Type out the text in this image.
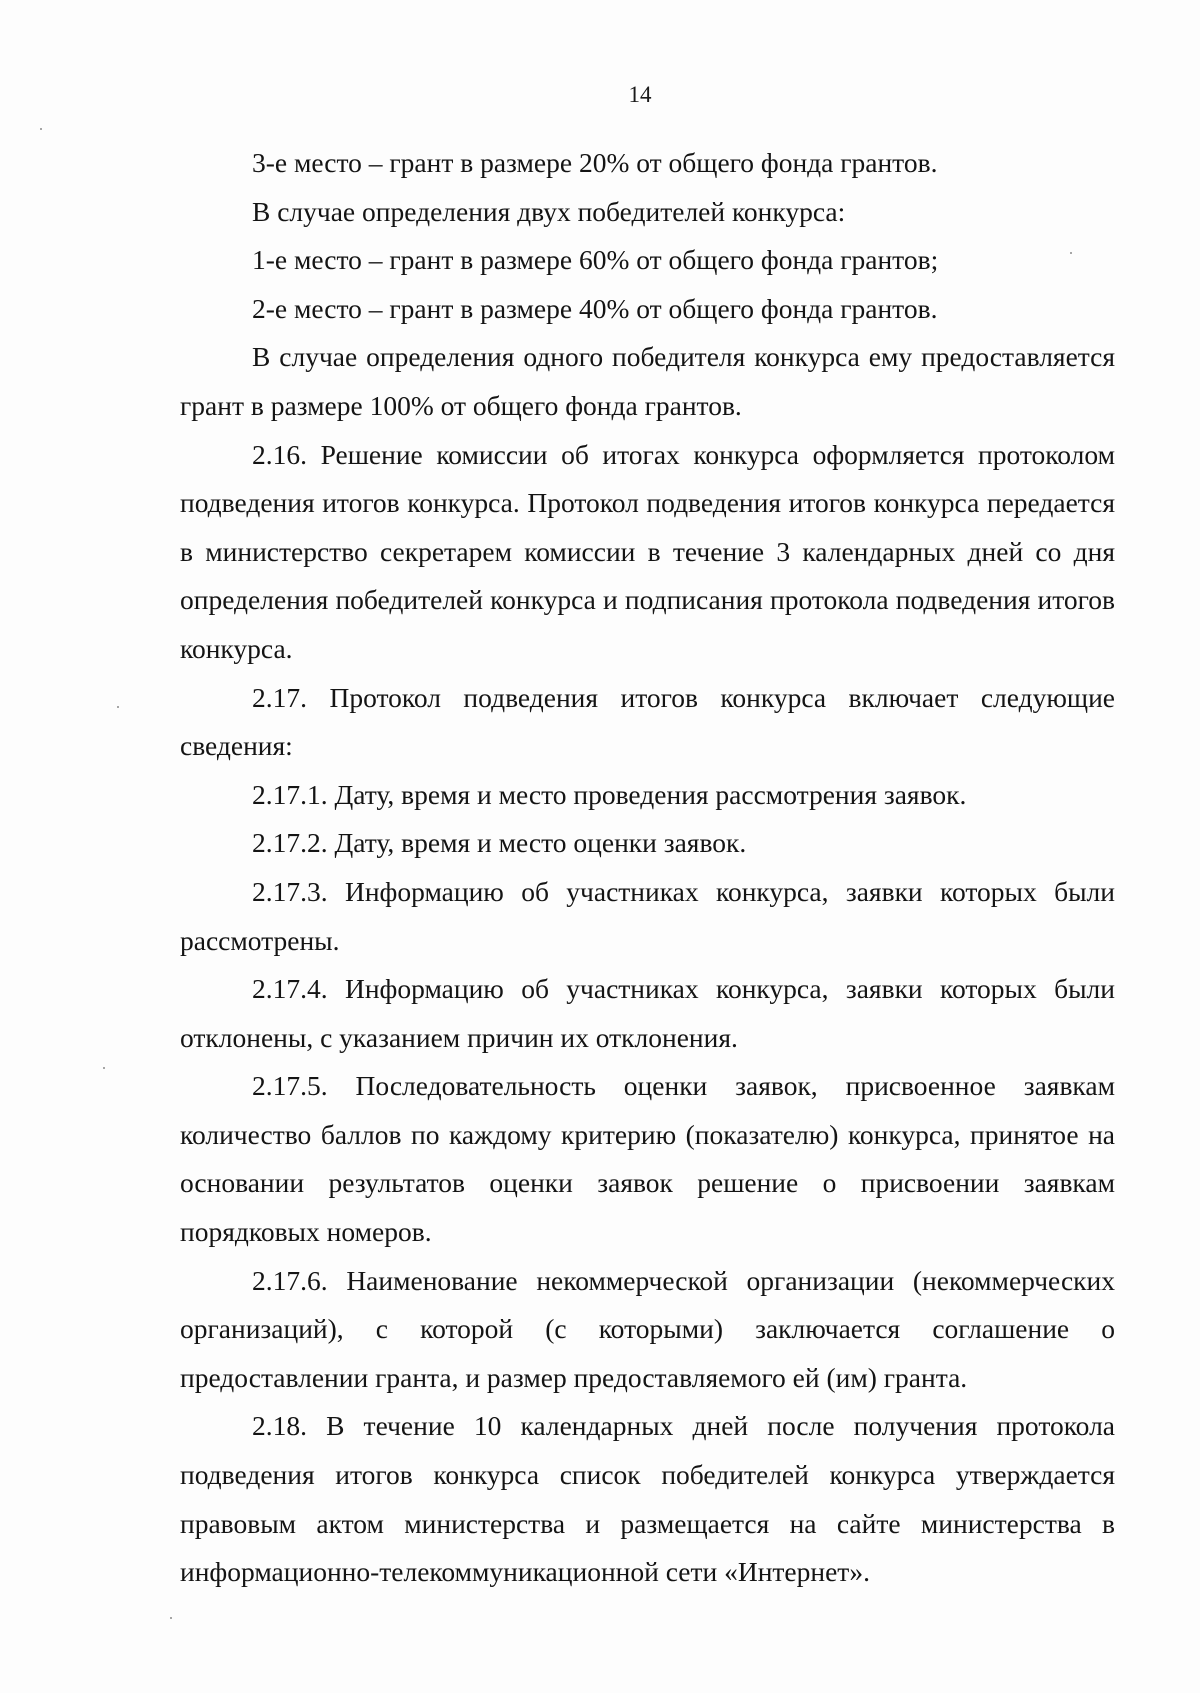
14

3-е место – грант в размере 20% от общего фонда грантов.

В случае определения двух победителей конкурса:

1-е место – грант в размере 60% от общего фонда грантов;

2-е место – грант в размере 40% от общего фонда грантов.

В случае определения одного победителя конкурса ему предоставляется грант в размере 100% от общего фонда грантов.

2.16. Решение комиссии об итогах конкурса оформляется протоколом подведения итогов конкурса. Протокол подведения итогов конкурса передается в министерство секретарем комиссии в течение 3 календарных дней со дня определения победителей конкурса и подписания протокола подведения итогов конкурса.

2.17. Протокол подведения итогов конкурса включает следующие сведения:

2.17.1. Дату, время и место проведения рассмотрения заявок.

2.17.2. Дату, время и место оценки заявок.

2.17.3. Информацию об участниках конкурса, заявки которых были рассмотрены.

2.17.4. Информацию об участниках конкурса, заявки которых были отклонены, с указанием причин их отклонения.

2.17.5. Последовательность оценки заявок, присвоенное заявкам количество баллов по каждому критерию (показателю) конкурса, принятое на основании результатов оценки заявок решение о присвоении заявкам порядковых номеров.

2.17.6. Наименование некоммерческой организации (некоммерческих организаций), с которой (с которыми) заключается соглашение о предоставлении гранта, и размер предоставляемого ей (им) гранта.

2.18. В течение 10 календарных дней после получения протокола подведения итогов конкурса список победителей конкурса утверждается правовым актом министерства и размещается на сайте министерства в информационно-телекоммуникационной сети «Интернет».
